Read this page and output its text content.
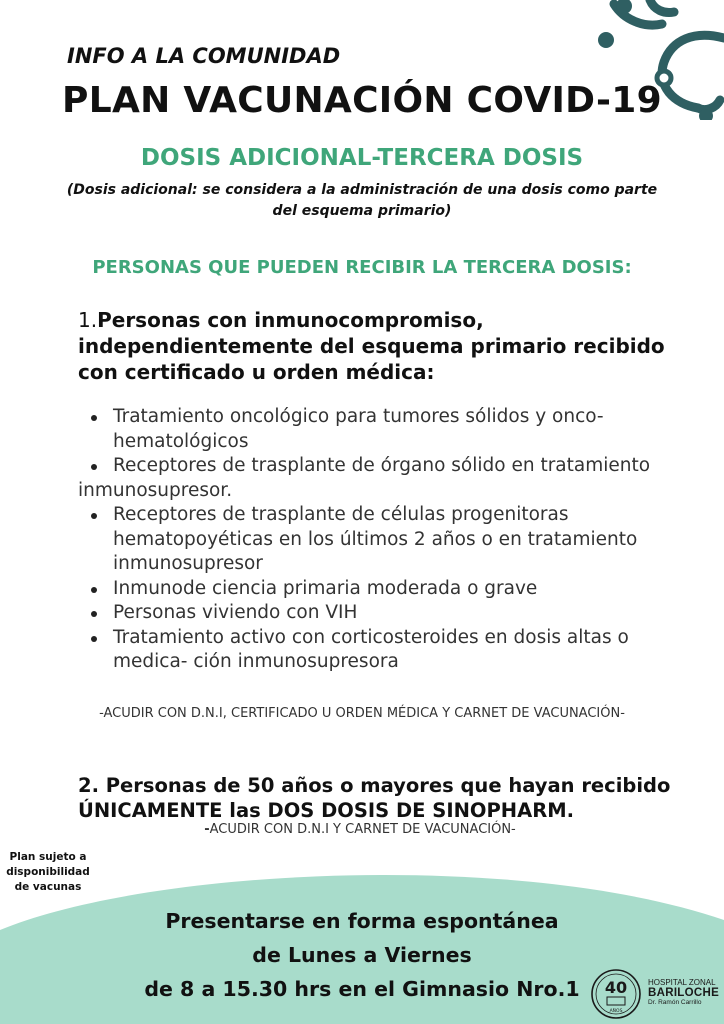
INFO A LA COMUNIDAD
PLAN VACUNACIÓN COVID-19
DOSIS ADICIONAL-TERCERA DOSIS
(Dosis adicional: se considera a la administración de una dosis como parte del esquema primario)
PERSONAS QUE PUEDEN RECIBIR LA TERCERA DOSIS:
1.Personas con inmunocompromiso, independientemente del esquema primario recibido con certificado u orden médica:
Tratamiento oncológico para tumores sólidos y onco-hematológicos
Receptores de trasplante de órgano sólido en tratamiento inmunosupresor.
Receptores de trasplante de células progenitoras hematopoyéticas en los últimos 2 años o en tratamiento inmunosupresor
Inmunode ciencia primaria moderada o grave
Personas viviendo con VIH
Tratamiento activo con corticosteroides en dosis altas o medica- ción inmunosupresora
-ACUDIR CON D.N.I, CERTIFICADO U ORDEN MÉDICA Y CARNET DE VACUNACIÓN-
2. Personas de 50 años o mayores que hayan recibido ÚNICAMENTE las DOS DOSIS DE SINOPHARM.
-ACUDIR CON D.N.I Y CARNET DE VACUNACIÓN-
Plan sujeto a disponibilidad de vacunas
Presentarse en forma espontánea
de Lunes a Viernes
de 8 a 15.30 hrs en el Gimnasio Nro.1	40
AÑOS
HOSPITAL ZONAL
BARILOCHE
Dr. Ramón Carrillo
